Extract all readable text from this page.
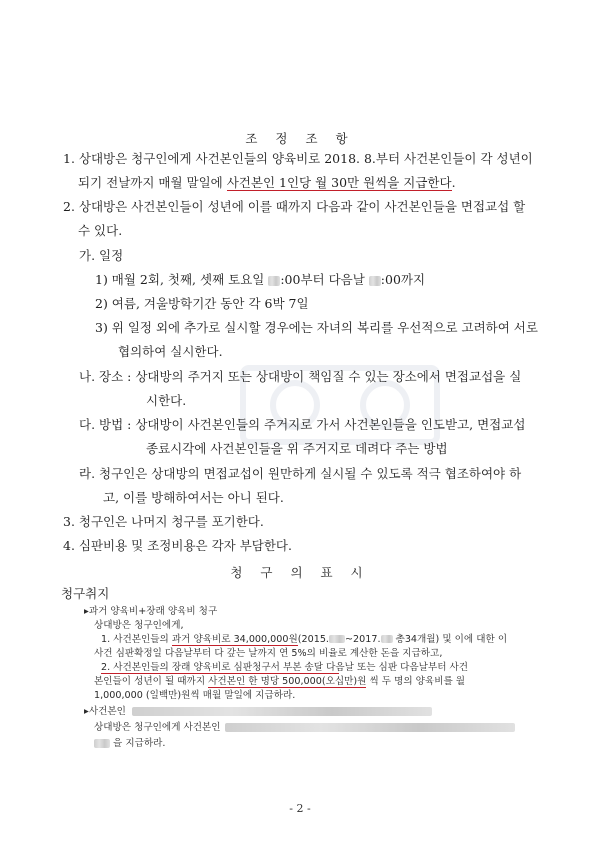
조 정 조 항
1. 상대방은 청구인에게 사건본인들의 양육비로 2018. 8.부터 사건본인들이 각 성년이
되기 전날까지 매월 말일에 사건본인 1인당 월 30만 원씩을 지급한다.
2. 상대방은 사건본인들이 성년에 이를 때까지 다음과 같이 사건본인들을 면접교섭 할
수 있다.
가. 일정
1) 매월 2회, 첫째, 셋째 토요일 :00부터 다음날 :00까지
2) 여름, 겨울방학기간 동안 각 6박 7일
3) 위 일정 외에 추가로 실시할 경우에는 자녀의 복리를 우선적으로 고려하여 서로
협의하여 실시한다.
나. 장소 : 상대방의 주거지 또는 상대방이 책임질 수 있는 장소에서 면접교섭을 실
시한다.
다. 방법 : 상대방이 사건본인들의 주거지로 가서 사건본인들을 인도받고, 면접교섭
종료시각에 사건본인들을 위 주거지로 데려다 주는 방법
라. 청구인은 상대방의 면접교섭이 원만하게 실시될 수 있도록 적극 협조하여야 하
고, 이를 방해하여서는 아니 된다.
3. 청구인은 나머지 청구를 포기한다.
4. 심판비용 및 조정비용은 각자 부담한다.
청 구 의 표 시
청구취지
▸과거 양육비+장래 양육비 청구
상대방은 청구인에게,
1. 사건본인들의 과거 양육비로 34,000,000원(2015. ~2017. 총34개월) 및 이에 대한 이
사건 심판확정일 다음날부터 다 갚는 날까지 연 5%의 비율로 계산한 돈을 지급하고,
2. 사건본인들의 장래 양육비로 심판청구서 부본 송달 다음날 또는 심판 다음날부터 사건
본인들이 성년이 될 때까지 사건본인 한 명당 500,000(오십만)원 씩 두 명의 양육비를 월
1,000,000 (일백만)원씩 매월 말일에 지급하라.
▸사건본인
상대방은 청구인에게 사건본인
을 지급하라.
- 2 -
